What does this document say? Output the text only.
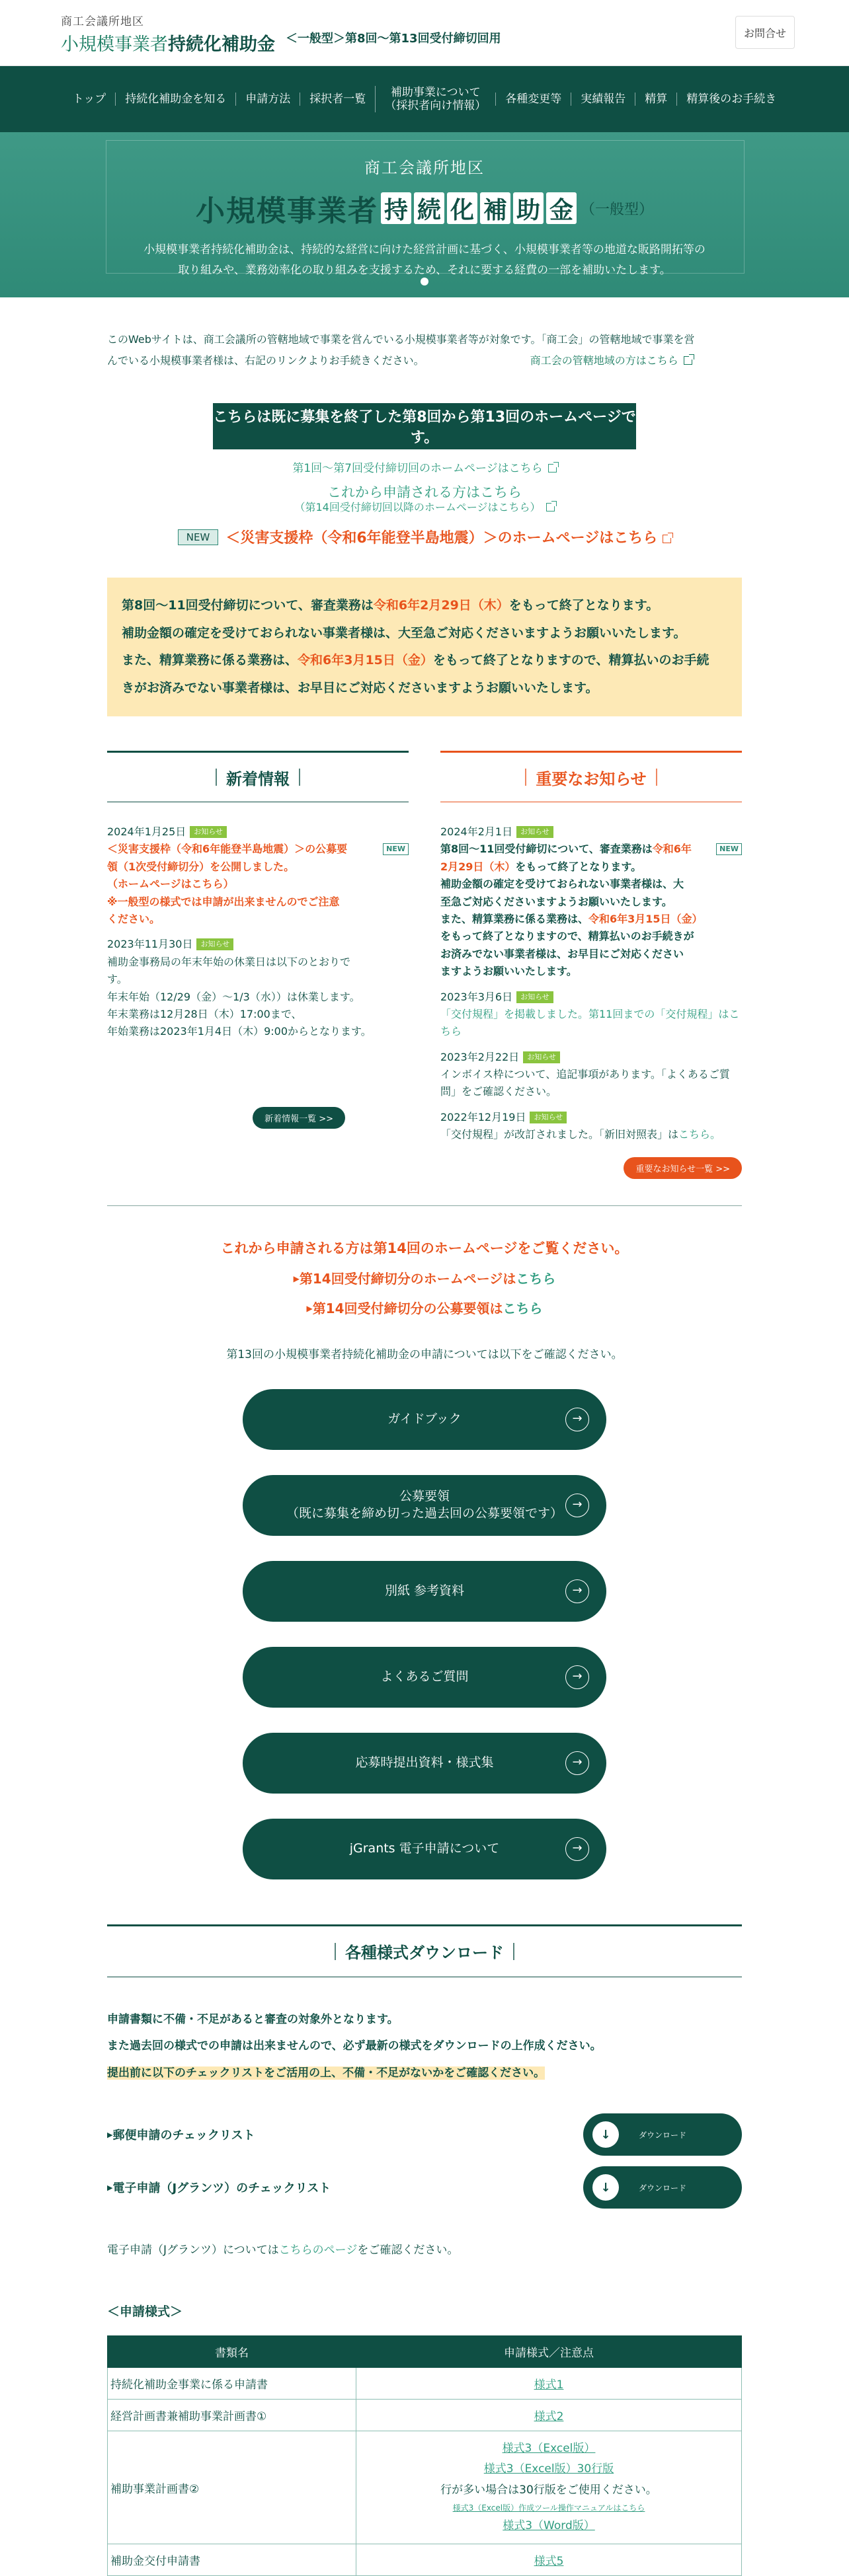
商工会議所地区
小規模事業者 持続化補助金 ＜一般型＞第8回〜第13回受付締切回用	お問合せ
トップ	持続化補助金を知る	申請方法	採択者一覧
補助事業について
（採択者向け情報）
各種変更等	実績報告	精算	精算後のお手続き
商工会議所地区
小規模事業者 持 続 化 補 助 金 （一般型）
小規模事業者持続化補助金は、持続的な経営に向けた経営計画に基づく、小規模事業者等の地道な販路開拓等の
取り組みや、業務効率化の取り組みを支援するため、それに要する経費の一部を補助いたします。
このWebサイトは、商工会議所の管轄地域で事業を営んでいる小規模事業者等が対象です。「商工会」の管轄地域で事業を営
んでいる小規模事業者様は、右記のリンクよりお手続きください。	商工会の管轄地域の方はこちら
こちらは既に募集を終了した第8回から第13回のホームページです。
第1回〜第7回受付締切回のホームページはこちら
これから申請される方はこちら
（第14回受付締切回以降のホームページはこちら）
NEW ＜災害支援枠（令和6年能登半島地震）＞のホームページはこちら
第8回〜11回受付締切について、審査業務は令和6年2月29日（木）をもって終了となります。
補助金額の確定を受けておられない事業者様は、大至急ご対応くださいますようお願いいたします。
また、精算業務に係る業務は、令和6年3月15日（金）をもって終了となりますので、精算払いのお手続
きがお済みでない事業者様は、お早目にご対応くださいますようお願いいたします。
新着情報
2024年1月25日 お知らせ
NEW
＜災害支援枠（令和6年能登半島地震）＞の公募要
領（1次受付締切分）を公開しました。
（ホームページはこちら）
※一般型の様式では申請が出来ませんのでご注意
ください。
2023年11月30日 お知らせ
補助金事務局の年末年始の休業日は以下のとおりで
す。
年末年始（12/29（金）〜1/3（水））は休業します。
年末業務は12月28日（木）17:00まで、
年始業務は2023年1月4日（木）9:00からとなります。
新着情報一覧 >>
重要なお知らせ
2024年2月1日 お知らせ
NEW
第8回〜11回受付締切について、審査業務は令和6年
2月29日（木）をもって終了となります。
補助金額の確定を受けておられない事業者様は、大
至急ご対応くださいますようお願いいたします。
また、精算業務に係る業務は、令和6年3月15日（金）
をもって終了となりますので、精算払いのお手続きが
お済みでない事業者様は、お早目にご対応ください
ますようお願いいたします。
2023年3月6日 お知らせ
「交付規程」を掲載しました。第11回までの「交付規程」はこ
ちら
2023年2月22日 お知らせ
インボイス枠について、追記事項があります。「よくあるご質
問」をご確認ください。
2022年12月19日 お知らせ
「交付規程」が改訂されました。「新旧対照表」はこちら。
重要なお知らせ一覧 >>
これから申請される方は第14回のホームページをご覧ください。
▶第14回受付締切分のホームページはこちら
▶第14回受付締切分の公募要領はこちら
第13回の小規模事業者持続化補助金の申請については以下をご確認ください。
ガイドブック	→
公募要領
（既に募集を締め切った過去回の公募要領です）
→
別紙 参考資料	→
よくあるご質問	→
応募時提出資料・様式集	→
jGrants 電子申請について	→
各種様式ダウンロード
申請書類に不備・不足があると審査の対象外となります。
また過去回の様式での申請は出来ませんので、必ず最新の様式をダウンロードの上作成ください。
提出前に以下のチェックリストをご活用の上、不備・不足がないかをご確認ください。
▶郵便申請のチェックリスト	↓	ダウンロード
▶電子申請（Jグランツ）のチェックリスト	↓	ダウンロード
電子申請（Jグランツ）についてはこちらのページをご確認ください。
＜申請様式＞
書類名	申請様式／注意点
持続化補助金事業に係る申請書	様式1
経営計画書兼補助事業計画書①	様式2
補助事業計画書②	様式3（Excel版）
様式3（Excel版）30行版
行が多い場合は30行版をご使用ください。
様式3（Excel版）作成ツール操作マニュアルはこちら
様式3（Word版）

補助金交付申請書	様式5
